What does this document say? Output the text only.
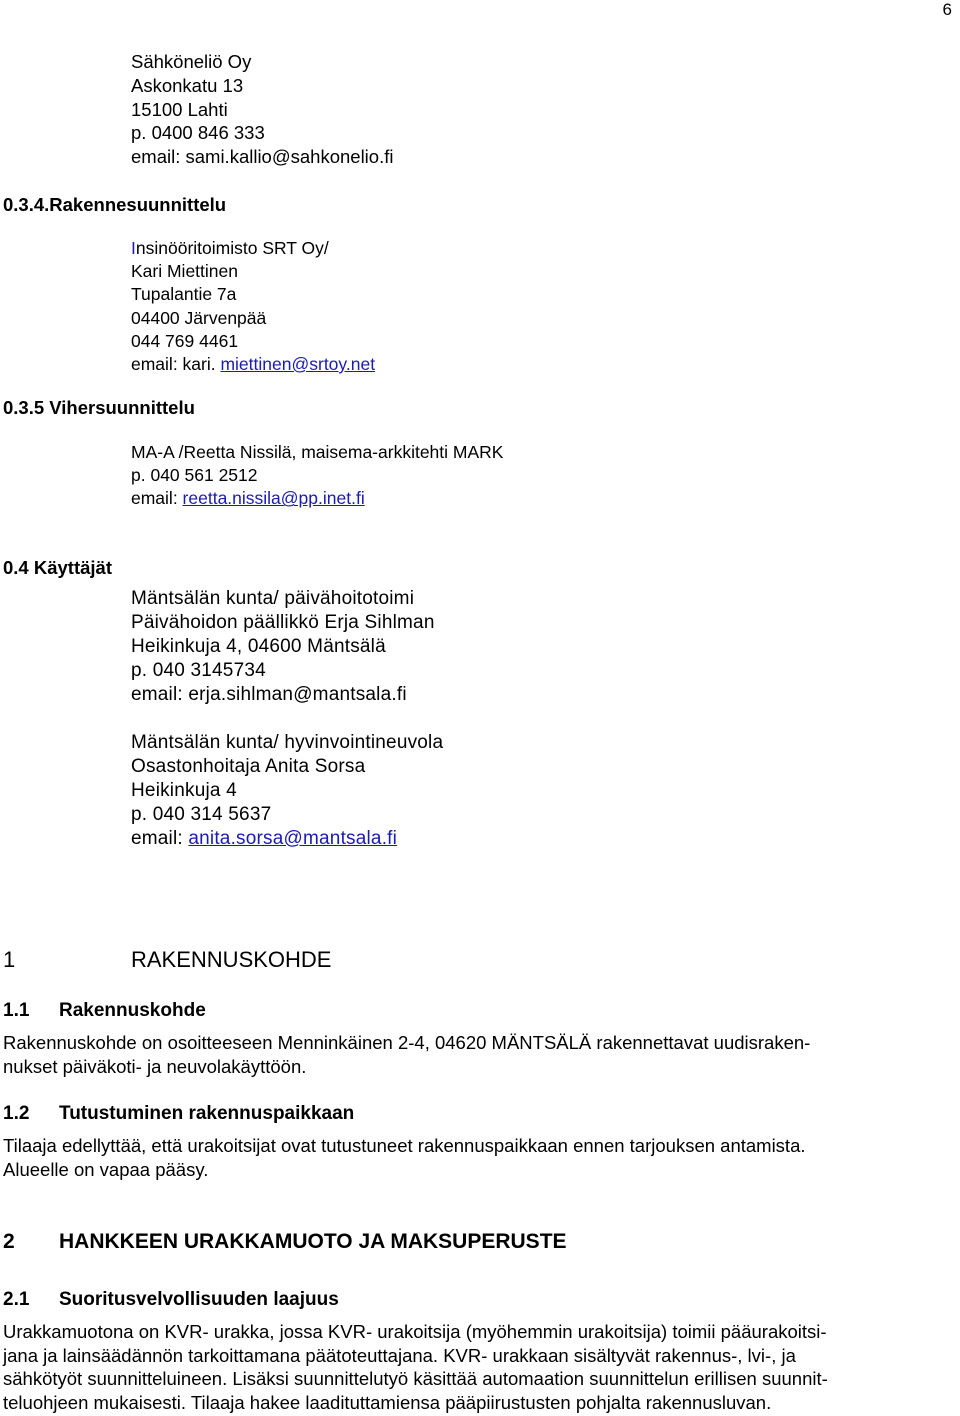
6
Sähköneliö Oy
Askonkatu 13
15100 Lahti
p. 0400 846 333
email: sami.kallio@sahkonelio.fi
0.3.4.Rakennesuunnittelu
Insinööritoimisto SRT Oy/
Kari Miettinen
Tupalantie 7a
04400 Järvenpää
044 769 4461
email: kari. miettinen@srtoy.net
0.3.5 Vihersuunnittelu
MA-A /Reetta Nissilä, maisema-arkkitehti MARK
p. 040 561 2512
email: reetta.nissila@pp.inet.fi
0.4 Käyttäjät
Mäntsälän kunta/ päivähoitotoimi
Päivähoidon päällikkö Erja Sihlman
Heikinkuja 4, 04600 Mäntsälä
p. 040 3145734
email: erja.sihlman@mantsala.fi
Mäntsälän kunta/ hyvinvointineuvola
Osastonhoitaja Anita Sorsa
Heikinkuja 4
p. 040 314 5637
email: anita.sorsa@mantsala.fi
1	RAKENNUSKOHDE
1.1 Rakennuskohde
Rakennuskohde on osoitteeseen Menninkäinen 2-4, 04620 MÄNTSÄLÄ rakennettavat uudisraken-
nukset päiväkoti- ja neuvolakäyttöön.
1.2 Tutustuminen rakennuspaikkaan
Tilaaja edellyttää, että urakoitsijat ovat tutustuneet rakennuspaikkaan ennen tarjouksen antamista.
Alueelle on vapaa pääsy.
2 HANKKEEN URAKKAMUOTO JA MAKSUPERUSTE
2.1 Suoritusvelvollisuuden laajuus
Urakkamuotona on KVR- urakka, jossa KVR- urakoitsija (myöhemmin urakoitsija) toimii pääurakoitsi-
jana ja lainsäädännön tarkoittamana päätoteuttajana. KVR- urakkaan sisältyvät rakennus-, lvi-, ja
sähkötyöt suunnitteluineen. Lisäksi suunnittelutyö käsittää automaation suunnittelun erillisen suunnit-
teluohjeen mukaisesti. Tilaaja hakee laadituttamiensa pääpiirustusten pohjalta rakennusluvan.
